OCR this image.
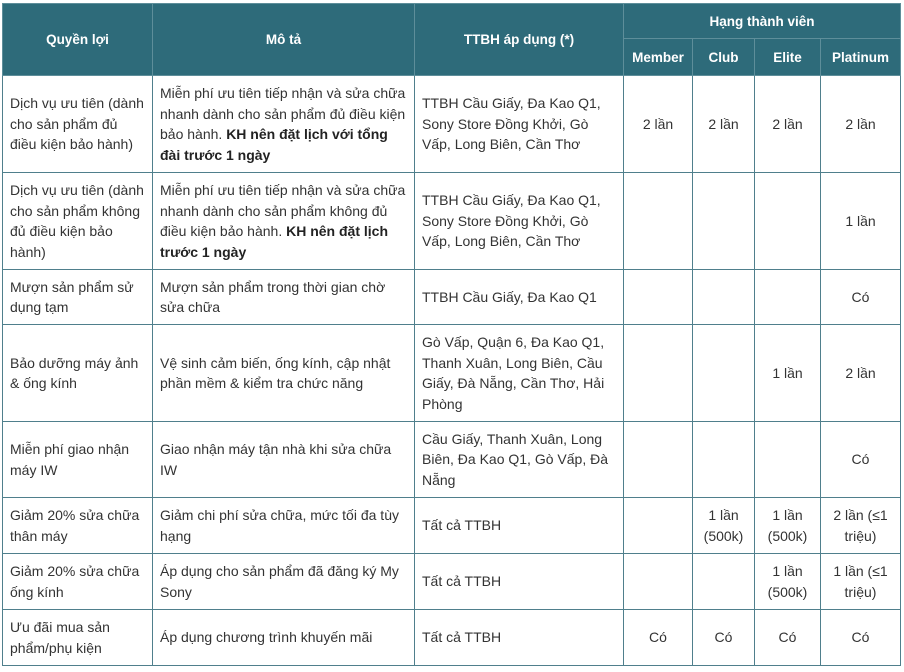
Quyền lợi	Mô tả	TTBH áp dụng (*)	Hạng thành viên			
			Member	Club	Elite	Platinum
Dịch vụ ưu tiên (dành cho sản phẩm đủ điều kiện bảo hành)	Miễn phí ưu tiên tiếp nhận và sửa chữa nhanh dành cho sản phẩm đủ điều kiện bảo hành. KH nên đặt lịch với tổng đài trước 1 ngày	TTBH Cầu Giấy, Đa Kao Q1, Sony Store Đồng Khởi, Gò Vấp, Long Biên, Cần Thơ	2 lần	2 lần	2 lần	2 lần
Dịch vụ ưu tiên (dành cho sản phẩm không đủ điều kiện bảo hành)	Miễn phí ưu tiên tiếp nhận và sửa chữa nhanh dành cho sản phẩm không đủ điều kiện bảo hành. KH nên đặt lịch trước 1 ngày	TTBH Cầu Giấy, Đa Kao Q1, Sony Store Đồng Khởi, Gò Vấp, Long Biên, Cần Thơ				1 lần
Mượn sản phẩm sử dụng tạm	Mượn sản phẩm trong thời gian chờ sửa chữa	TTBH Cầu Giấy, Đa Kao Q1				Có
Bảo dưỡng máy ảnh & ống kính	Vệ sinh cảm biến, ống kính, cập nhật phần mềm & kiểm tra chức năng	Gò Vấp, Quận 6, Đa Kao Q1, Thanh Xuân, Long Biên, Cầu Giấy, Đà Nẵng, Cần Thơ, Hải Phòng			1 lần	2 lần
Miễn phí giao nhận máy IW	Giao nhận máy tận nhà khi sửa chữa IW	Cầu Giấy, Thanh Xuân, Long Biên, Đa Kao Q1, Gò Vấp, Đà Nẵng				Có
Giảm 20% sửa chữa thân máy	Giảm chi phí sửa chữa, mức tối đa tùy hạng	Tất cả TTBH		1 lần (500k)	1 lần (500k)	2 lần (≤1 triệu)
Giảm 20% sửa chữa ống kính	Áp dụng cho sản phẩm đã đăng ký My Sony	Tất cả TTBH			1 lần (500k)	1 lần (≤1 triệu)
Ưu đãi mua sản phẩm/phụ kiện	Áp dụng chương trình khuyến mãi	Tất cả TTBH	Có	Có	Có	Có
